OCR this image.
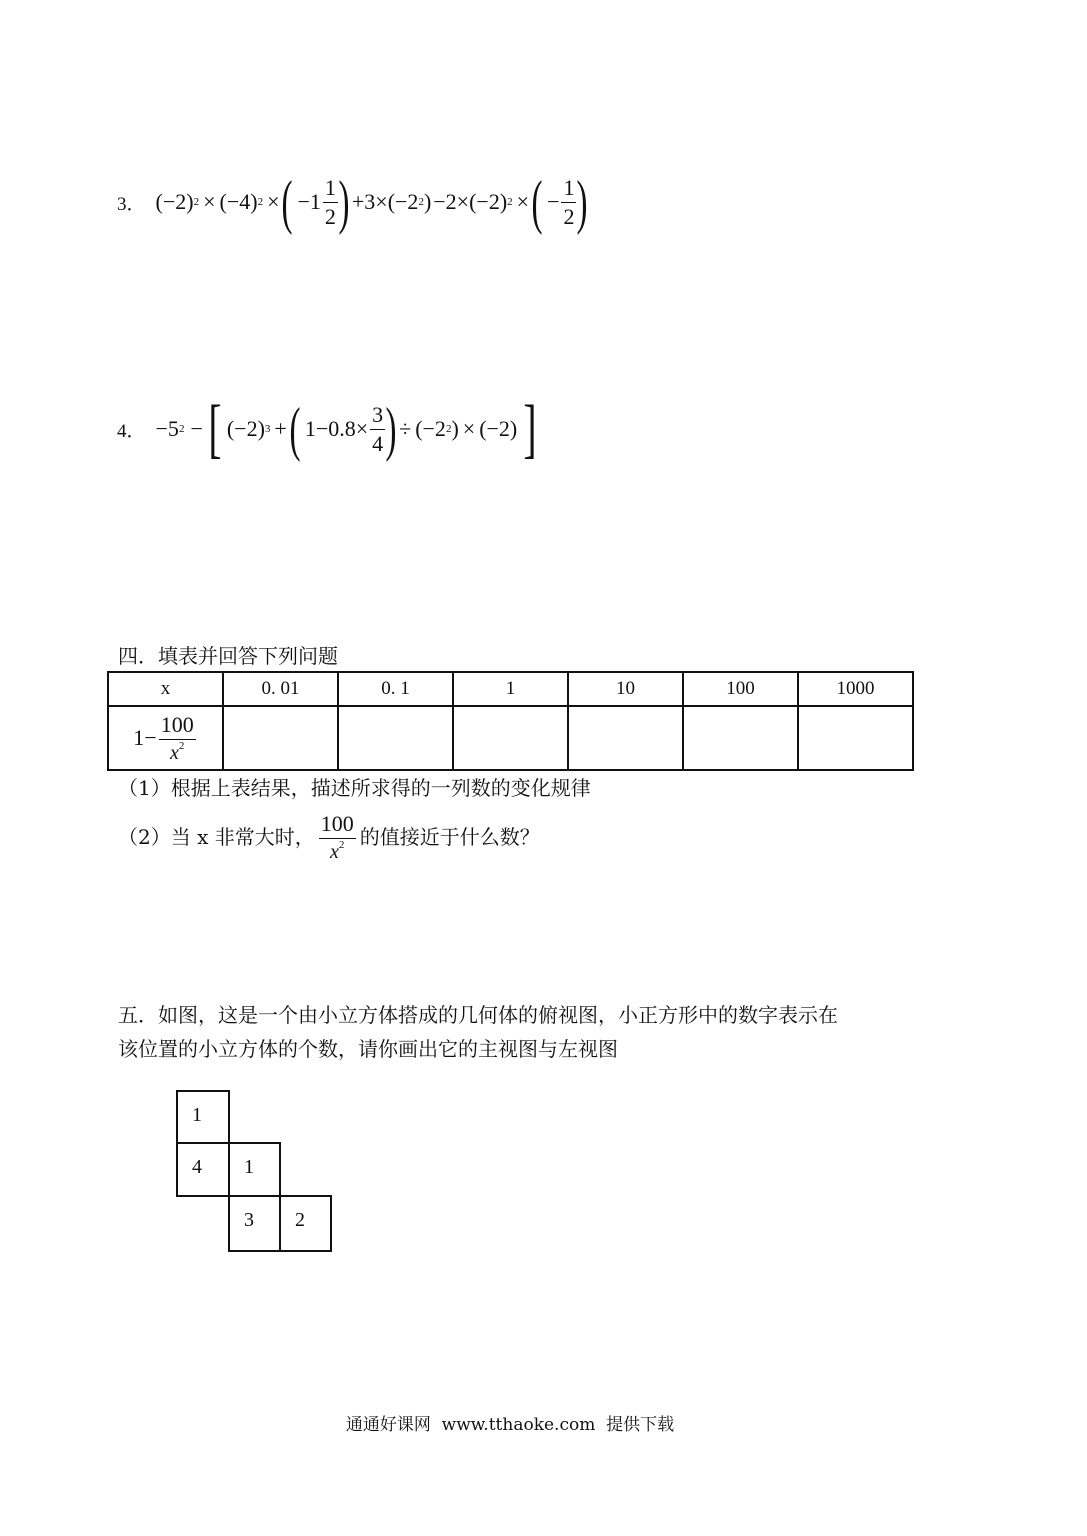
3． (−2) 2 × (−4) 2 × ( $-1 \frac{1}{2}$ ) +3× (−2 2 ) −2× (−2) 2 × ( − $\frac{1}{2}$ )
4． −5 2 − [ (−2) 3 + ( $1-0.8\times \frac{3}{4}$ ) ÷ (−2 2 ) × (−2) ]
四．填表并回答下列问题
x	0. 01	0. 1	1	10	100	1000

$1- \frac{100}{x^2}$

（1）根据上表结果，描述所求得的一列数的变化规律
（2）当 x 非常大时， $\frac{100}{x^2}$ 的值接近于什么数？
五．如图，这是一个由小立方体搭成的几何体的俯视图，小正方形中的数字表示在
该位置的小立方体的个数，请你画出它的主视图与左视图
1
4 1
3 2
通通好课网  www.tthaoke.com  提供下载
